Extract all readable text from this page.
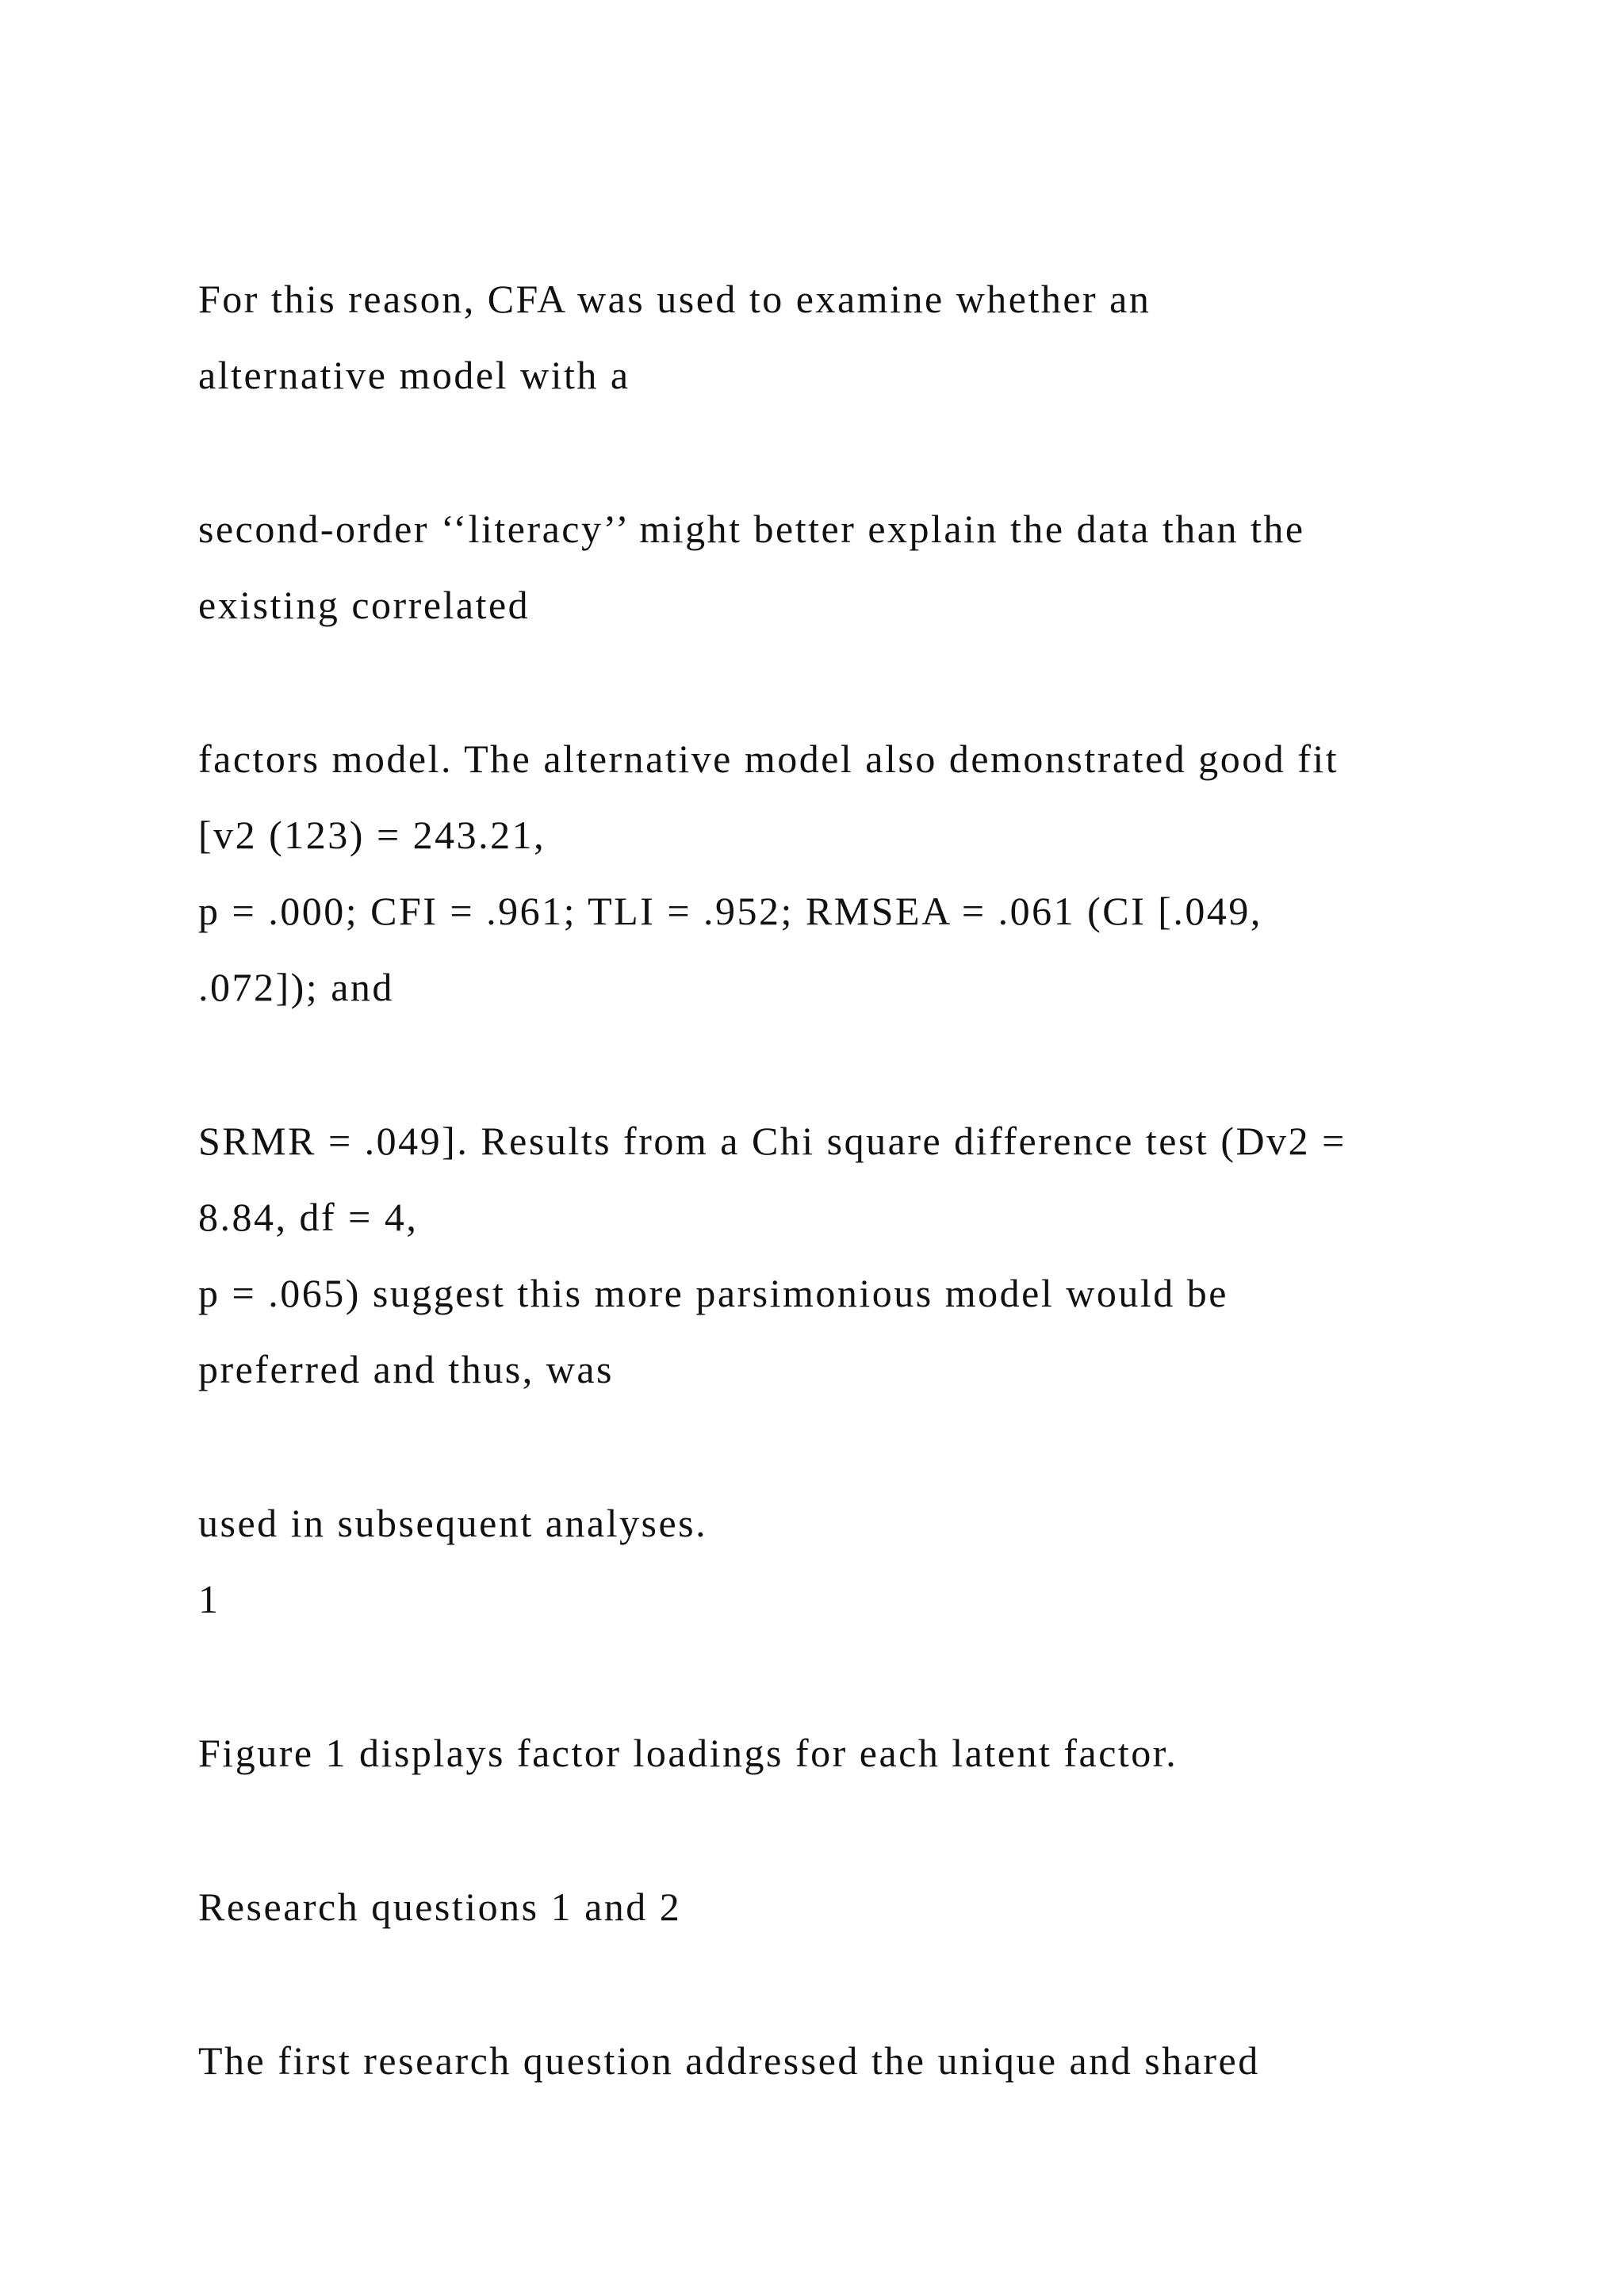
For this reason, CFA was used to examine whether an
alternative model with a
second-order ‘‘literacy’’ might better explain the data than the
existing correlated
factors model. The alternative model also demonstrated good fit
[v2 (123) = 243.21,
p = .000; CFI = .961; TLI = .952; RMSEA = .061 (CI [.049,
.072]); and
SRMR = .049]. Results from a Chi square difference test (Dv2 =
8.84, df = 4,
p = .065) suggest this more parsimonious model would be
preferred and thus, was
used in subsequent analyses.
1
Figure 1 displays factor loadings for each latent factor.
Research questions 1 and 2
The first research question addressed the unique and shared
